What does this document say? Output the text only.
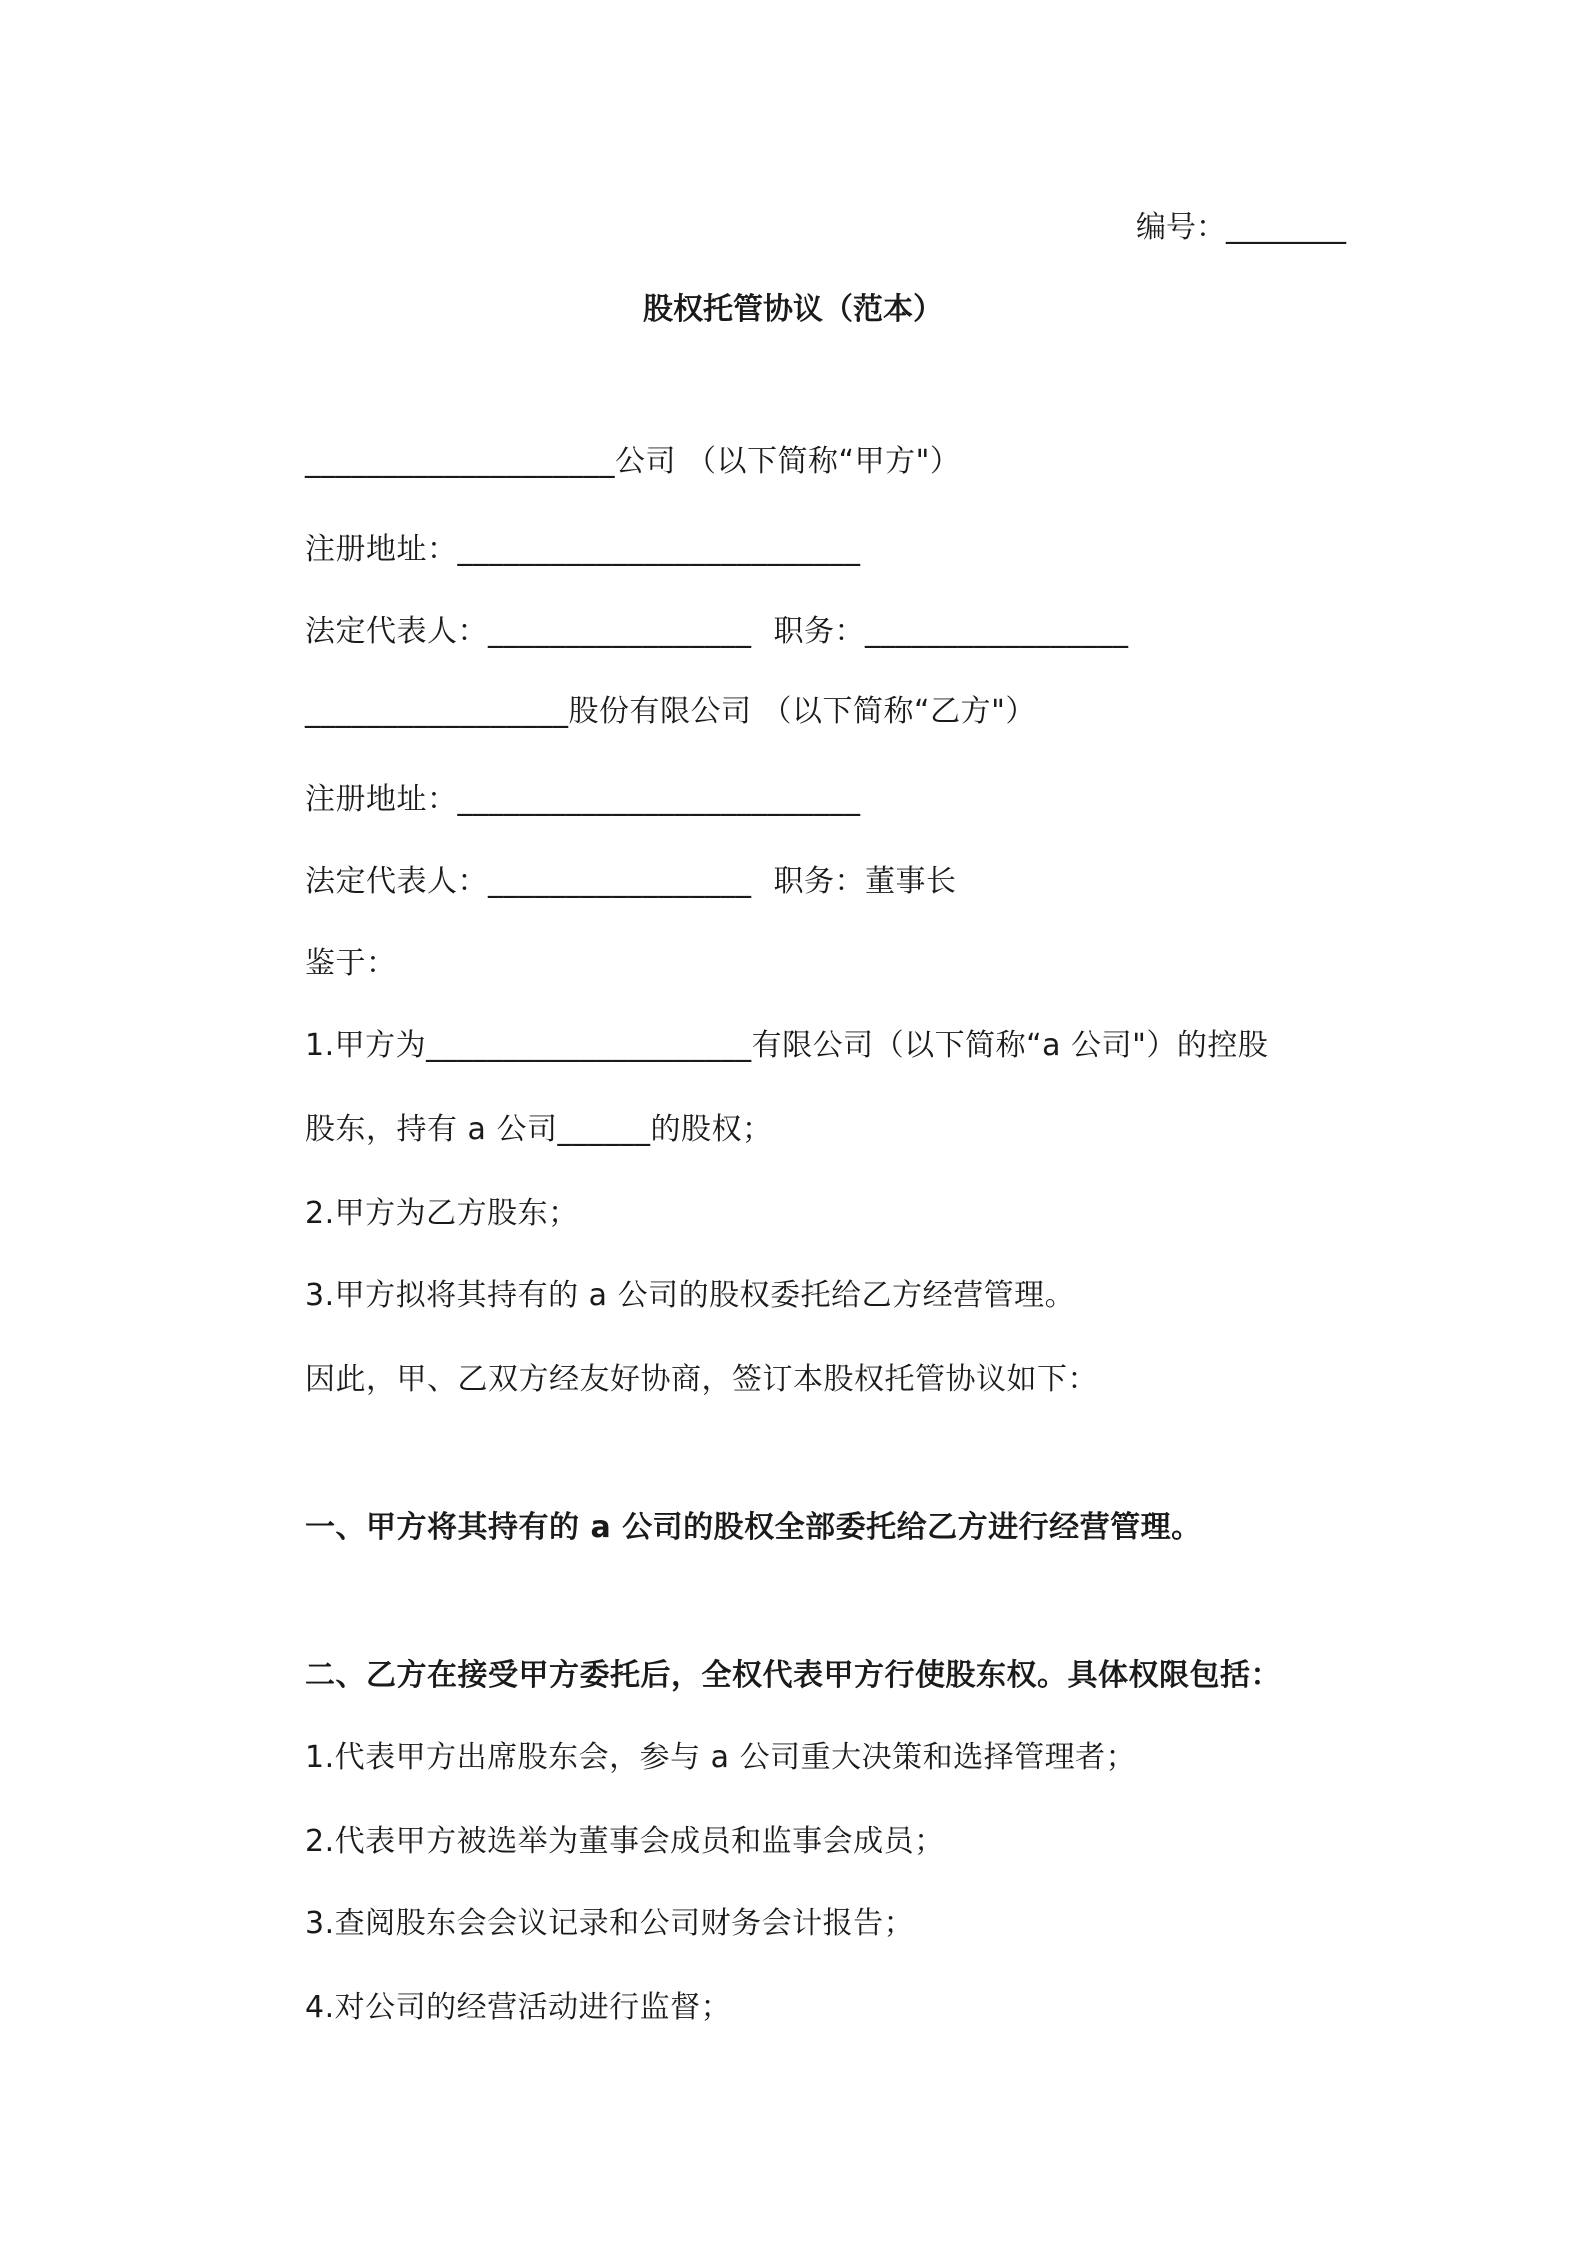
编号：________
股权托管协议（范本）
____________________公司 （以下简称“甲方"）
注册地址：__________________________
法定代表人：_________________ 职务：_________________
_________________股份有限公司 （以下简称“乙方"）
注册地址：__________________________
法定代表人：_________________ 职务：董事长
鉴于：
1.甲方为_____________________有限公司（以下简称“a 公司"）的控股
股东，持有 a 公司______的股权；
2.甲方为乙方股东；
3.甲方拟将其持有的 a 公司的股权委托给乙方经营管理。
因此，甲、乙双方经友好协商，签订本股权托管协议如下：
一、甲方将其持有的 a 公司的股权全部委托给乙方进行经营管理。
二、乙方在接受甲方委托后，全权代表甲方行使股东权。具体权限包括：
1.代表甲方出席股东会，参与 a 公司重大决策和选择管理者；
2.代表甲方被选举为董事会成员和监事会成员；
3.查阅股东会会议记录和公司财务会计报告；
4.对公司的经营活动进行监督；
